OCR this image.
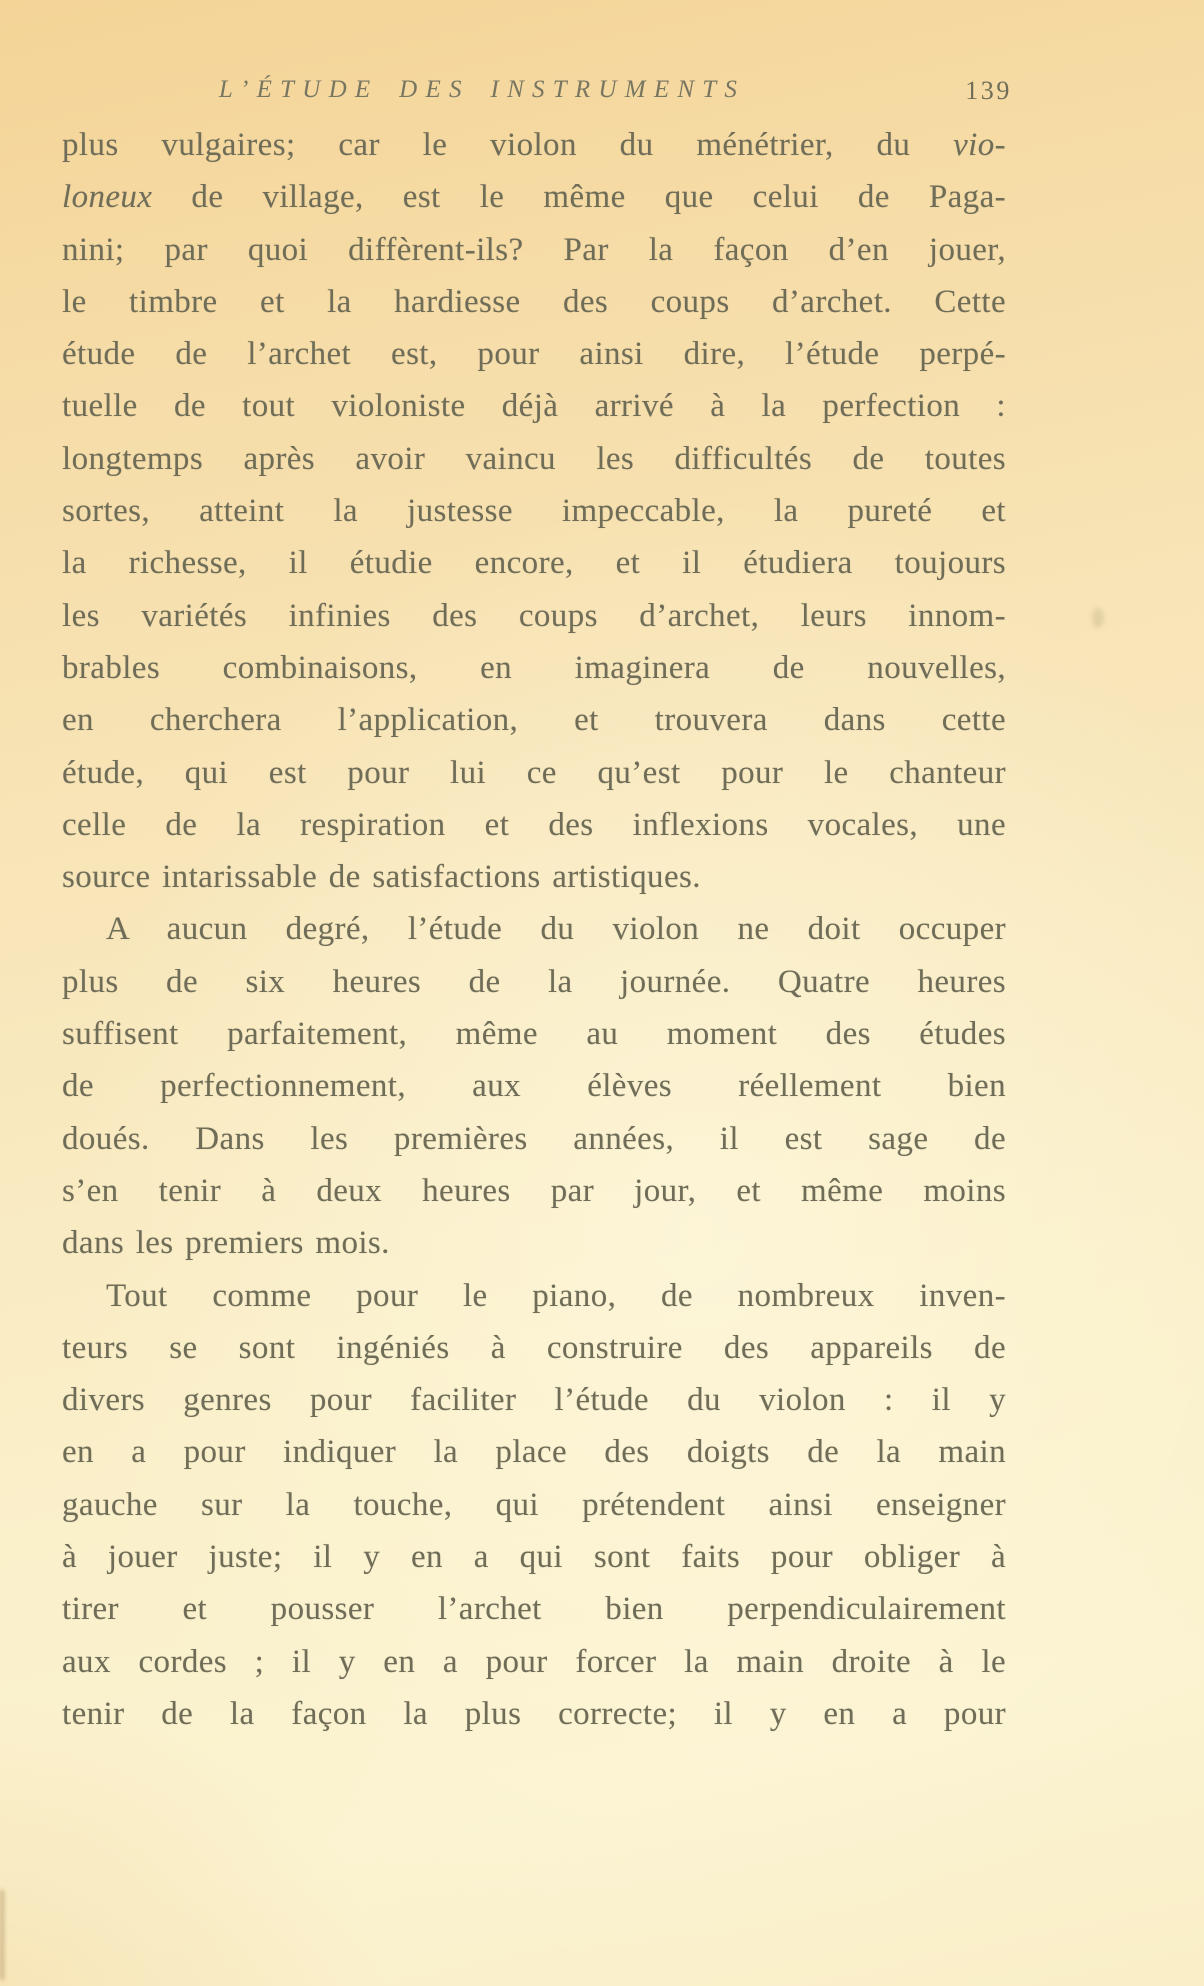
L’ÉTUDE DES INSTRUMENTS	139
plus vulgaires; car le violon du ménétrier, du vio-
loneux de village, est le même que celui de Paga-
nini; par quoi diffèrent-ils? Par la façon d’en jouer,
le timbre et la hardiesse des coups d’archet. Cette
étude de l’archet est, pour ainsi dire, l’étude perpé-
tuelle de tout violoniste déjà arrivé à la perfection :
longtemps après avoir vaincu les difficultés de toutes
sortes, atteint la justesse impeccable, la pureté et
la richesse, il étudie encore, et il étudiera toujours
les variétés infinies des coups d’archet, leurs innom-
brables combinaisons, en imaginera de nouvelles,
en cherchera l’application, et trouvera dans cette
étude, qui est pour lui ce qu’est pour le chanteur
celle de la respiration et des inflexions vocales, une
source intarissable de satisfactions artistiques.
A aucun degré, l’étude du violon ne doit occuper
plus de six heures de la journée. Quatre heures
suffisent parfaitement, même au moment des études
de perfectionnement, aux élèves réellement bien
doués. Dans les premières années, il est sage de
s’en tenir à deux heures par jour, et même moins
dans les premiers mois.
Tout comme pour le piano, de nombreux inven-
teurs se sont ingéniés à construire des appareils de
divers genres pour faciliter l’étude du violon : il y
en a pour indiquer la place des doigts de la main
gauche sur la touche, qui prétendent ainsi enseigner
à jouer juste; il y en a qui sont faits pour obliger à
tirer et pousser l’archet bien perpendiculairement
aux cordes ; il y en a pour forcer la main droite à le
tenir de la façon la plus correcte; il y en a pour
